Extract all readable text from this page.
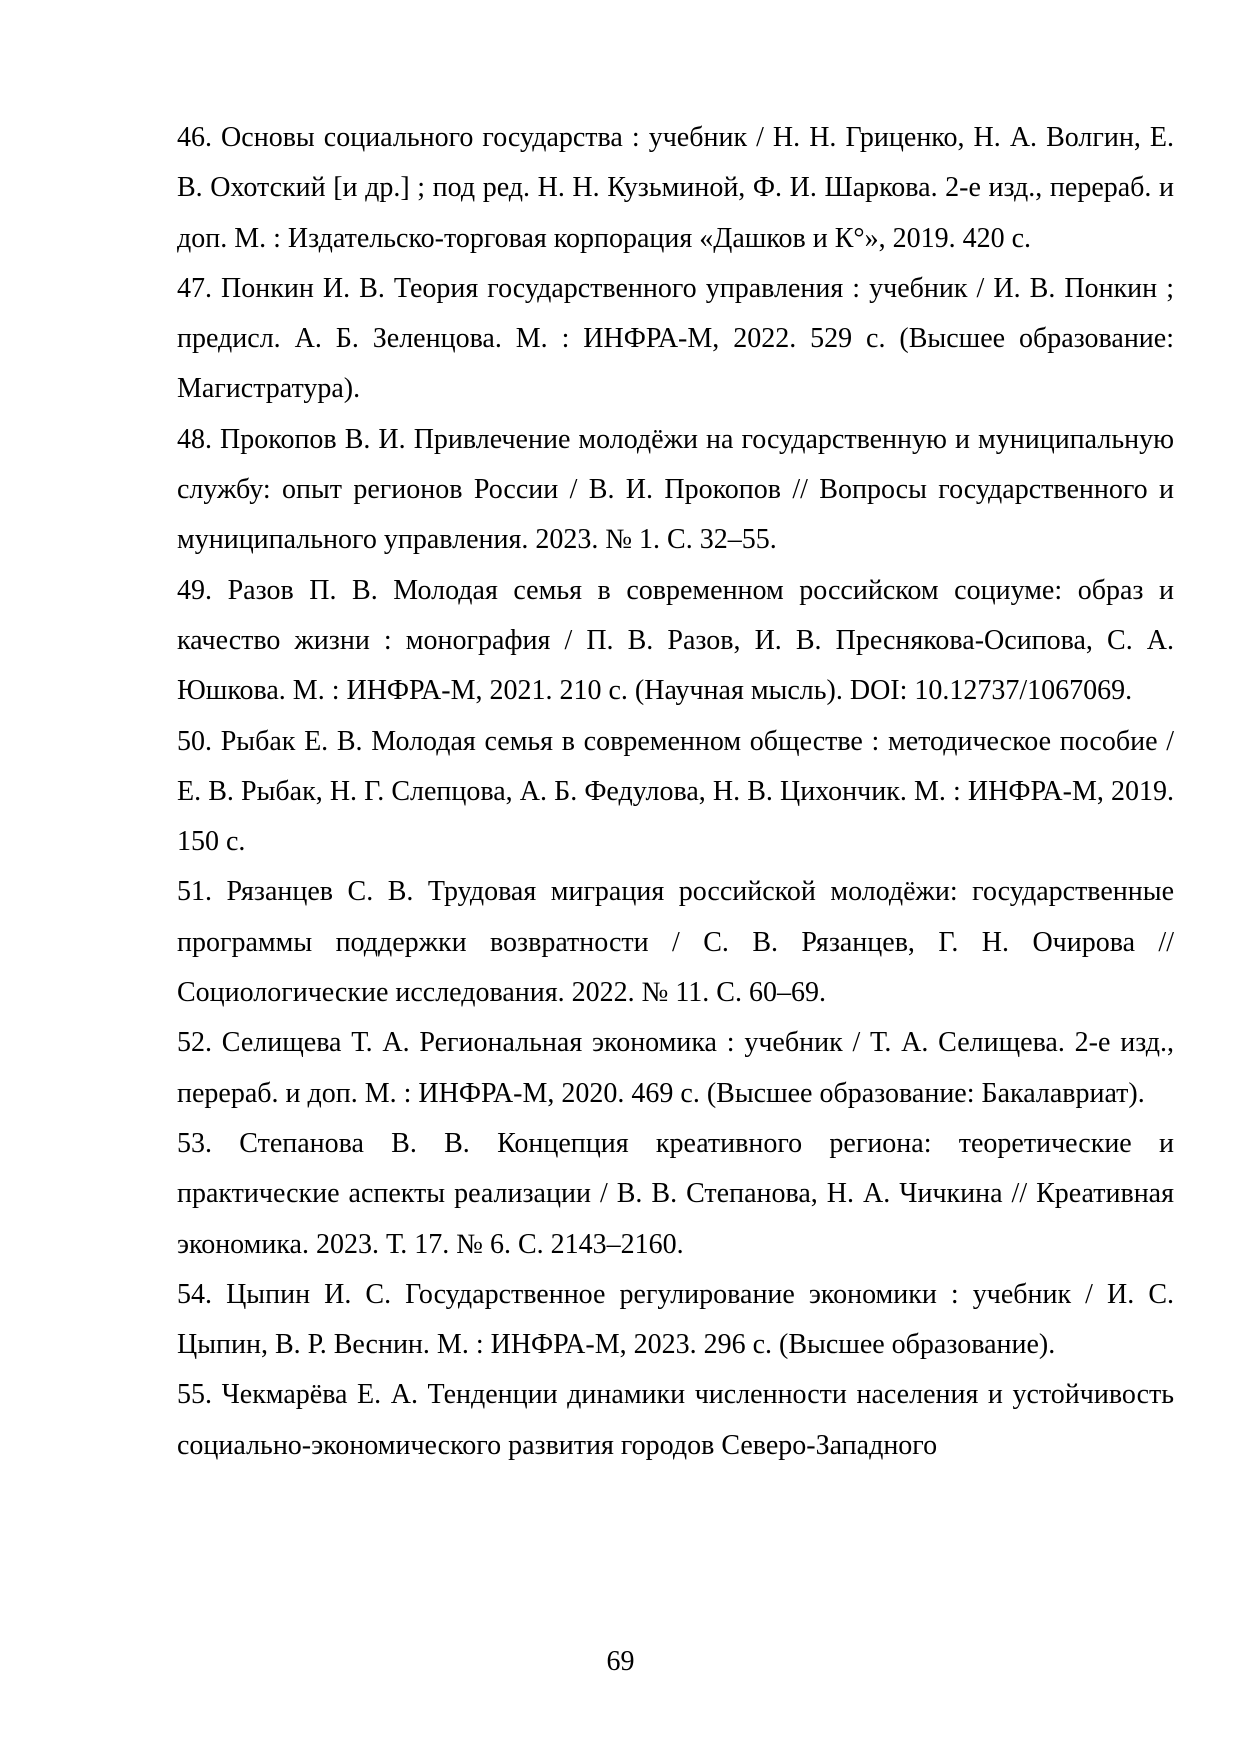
46. Основы социального государства : учебник / Н. Н. Гриценко, Н. А. Волгин, Е. В. Охотский [и др.] ; под ред. Н. Н. Кузьминой, Ф. И. Шаркова. 2-е изд., перераб. и доп. М. : Издательско-торговая корпорация «Дашков и К°», 2019. 420 с.
47. Понкин И. В. Теория государственного управления : учебник / И. В. Понкин ; предисл. А. Б. Зеленцова. М. : ИНФРА-М, 2022. 529 с. (Высшее образование: Магистратура).
48. Прокопов В. И. Привлечение молодёжи на государственную и муниципальную службу: опыт регионов России / В. И. Прокопов // Вопросы государственного и муниципального управления. 2023. № 1. С. 32–55.
49. Разов П. В. Молодая семья в современном российском социуме: образ и качество жизни : монография / П. В. Разов, И. В. Преснякова-Осипова, С. А. Юшкова. М. : ИНФРА-М, 2021. 210 с. (Научная мысль). DOI: 10.12737/1067069.
50. Рыбак Е. В. Молодая семья в современном обществе : методическое пособие / Е. В. Рыбак, Н. Г. Слепцова, А. Б. Федулова, Н. В. Цихончик. М. : ИНФРА-М, 2019. 150 с.
51. Рязанцев С. В. Трудовая миграция российской молодёжи: государственные программы поддержки возвратности / С. В. Рязанцев, Г. Н. Очирова // Социологические исследования. 2022. № 11. С. 60–69.
52. Селищева Т. А. Региональная экономика : учебник / Т. А. Селищева. 2-е изд., перераб. и доп. М. : ИНФРА-М, 2020. 469 с. (Высшее образование: Бакалавриат).
53. Степанова В. В. Концепция креативного региона: теоретические и практические аспекты реализации / В. В. Степанова, Н. А. Чичкина // Креативная экономика. 2023. Т. 17. № 6. С. 2143–2160.
54. Цыпин И. С. Государственное регулирование экономики : учебник / И. С. Цыпин, В. Р. Веснин. М. : ИНФРА-М, 2023. 296 с. (Высшее образование).
55. Чекмарёва Е. А. Тенденции динамики численности населения и устойчивость социально-экономического развития городов Северо-Западного
69
